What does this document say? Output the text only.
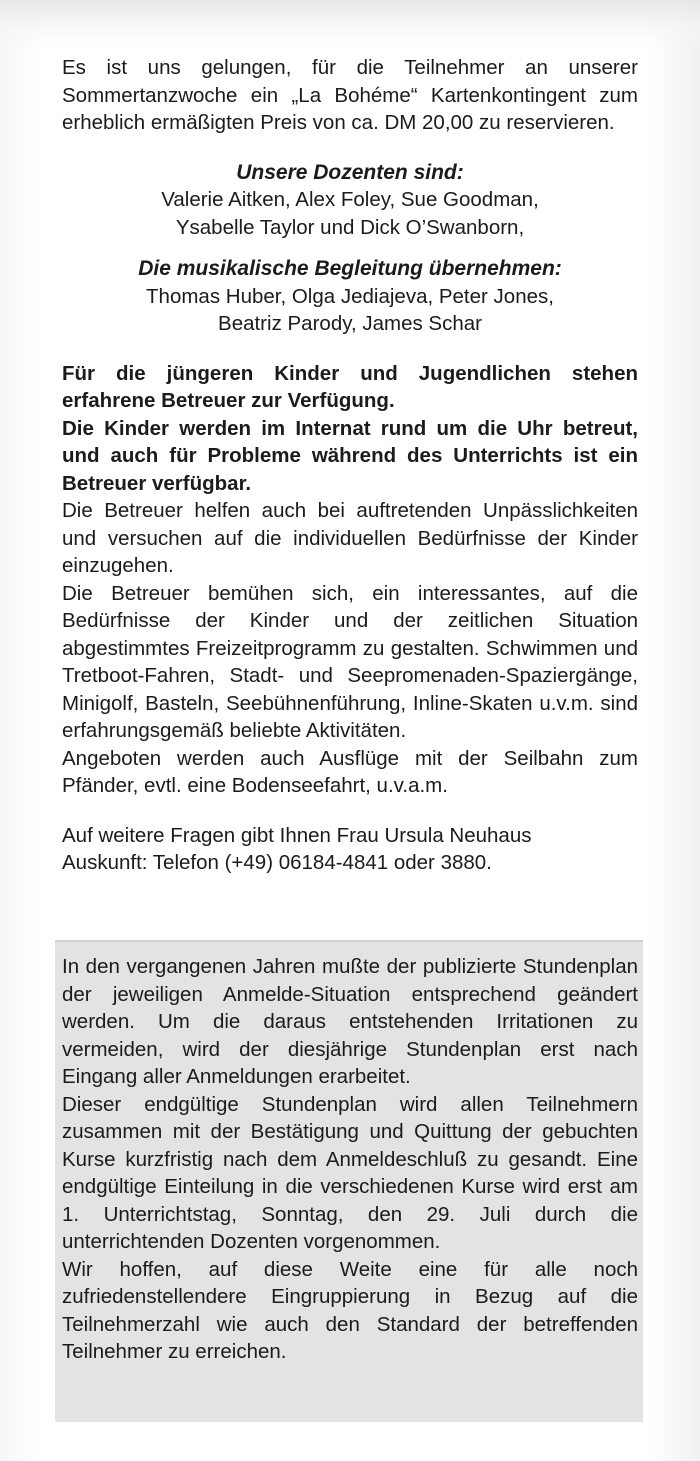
Es ist uns gelungen, für die Teilnehmer an unserer Sommertanzwoche ein „La Bohéme“ Kartenkontingent zum erheblich ermäßigten Preis von ca. DM 20,00 zu reservieren.

Unsere Dozenten sind:

Valerie Aitken, Alex Foley, Sue Goodman,

Ysabelle Taylor und Dick O’Swanborn,

Die musikalische Begleitung übernehmen:

Thomas Huber, Olga Jediajeva, Peter Jones,

Beatriz Parody, James Schar

Für die jüngeren Kinder und Jugendlichen stehen erfahrene Betreuer zur Verfügung.

Die Kinder werden im Internat rund um die Uhr betreut, und auch für Probleme während des Unterrichts ist ein Betreuer verfügbar.

Die Betreuer helfen auch bei auftretenden Unpässlichkeiten und versuchen auf die individuellen Bedürfnisse der Kinder einzugehen.

Die Betreuer bemühen sich, ein interessantes, auf die Bedürfnisse der Kinder und der zeitlichen Situation abgestimmtes Freizeitprogramm zu gestalten. Schwimmen und Tretboot-Fahren, Stadt- und Seepromenaden-Spaziergänge, Minigolf, Basteln, Seebühnenführung, Inline-Skaten u.v.m. sind erfahrungsgemäß beliebte Aktivitäten.

Angeboten werden auch Ausflüge mit der Seilbahn zum Pfänder, evtl. eine Bodenseefahrt, u.v.a.m.

Auf weitere Fragen gibt Ihnen Frau Ursula Neuhaus

Auskunft: Telefon (+49) 06184-4841 oder 3880.

In den vergangenen Jahren mußte der publizierte Stundenplan der jeweiligen Anmelde-Situation entsprechend geändert werden. Um die daraus entstehenden Irritationen zu vermeiden, wird der diesjährige Stundenplan erst nach Eingang aller Anmeldungen erarbeitet.

Dieser endgültige Stundenplan wird allen Teilnehmern zusammen mit der Bestätigung und Quittung der gebuchten Kurse kurzfristig nach dem Anmeldeschluß zu gesandt. Eine endgültige Einteilung in die verschiedenen Kurse wird erst am 1. Unterrichtstag, Sonntag, den 29. Juli durch die unterrichtenden Dozenten vorgenommen.

Wir hoffen, auf diese Weite eine für alle noch zufriedenstellendere Eingruppierung in Bezug auf die Teilnehmerzahl wie auch den Standard der betreffenden Teilnehmer zu erreichen.
